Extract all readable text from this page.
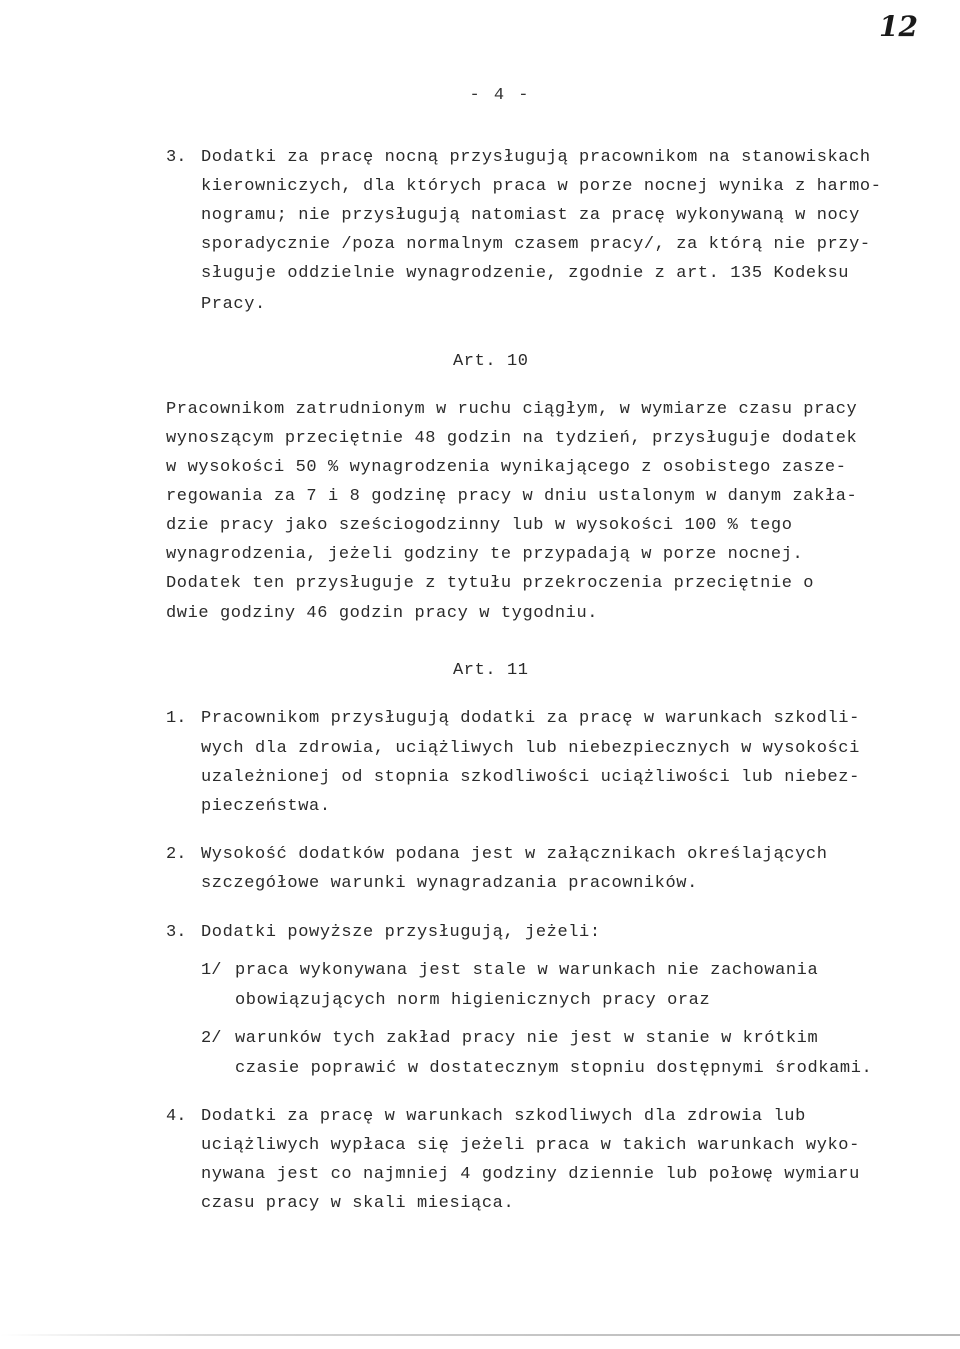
12
- 4 -
3. Dodatki za pracę nocną przysługują pracownikom na stanowiskach
kierowniczych, dla których praca w porze nocnej wynika z harmo-
nogramu; nie przysługują natomiast za pracę wykonywaną w nocy
sporadycznie /poza normalnym czasem pracy/, za którą nie przy-
sługuje oddzielnie wynagrodzenie, zgodnie z art. 135 Kodeksu
Pracy.
Art. 10
Pracownikom zatrudnionym w ruchu ciągłym, w wymiarze czasu pracy
wynoszącym przeciętnie 48 godzin na tydzień, przysługuje dodatek
w wysokości 50 % wynagrodzenia wynikającego z osobistego zasze-
regowania za 7 i 8 godzinę pracy w dniu ustalonym w danym zakła-
dzie pracy jako sześciogodzinny lub w wysokości 100 % tego
wynagrodzenia, jeżeli godziny te przypadają w porze nocnej.
Dodatek ten przysługuje z tytułu przekroczenia przeciętnie o
dwie godziny 46 godzin pracy w tygodniu.
Art. 11
1. Pracownikom przysługują dodatki za pracę w warunkach szkodli-
wych dla zdrowia, uciążliwych lub niebezpiecznych w wysokości
uzależnionej od stopnia szkodliwości uciążliwości lub niebez-
pieczeństwa.
2. Wysokość dodatków podana jest w załącznikach określających
szczegółowe warunki wynagradzania pracowników.
3. Dodatki powyższe przysługują, jeżeli:
1/ praca wykonywana jest stale w warunkach nie zachowania
obowiązujących norm higienicznych pracy oraz
2/ warunków tych zakład pracy nie jest w stanie w krótkim
czasie poprawić w dostatecznym stopniu dostępnymi środkami.
4. Dodatki za pracę w warunkach szkodliwych dla zdrowia lub
uciążliwych wypłaca się jeżeli praca w takich warunkach wyko-
nywana jest co najmniej 4 godziny dziennie lub połowę wymiaru
czasu pracy w skali miesiąca.
